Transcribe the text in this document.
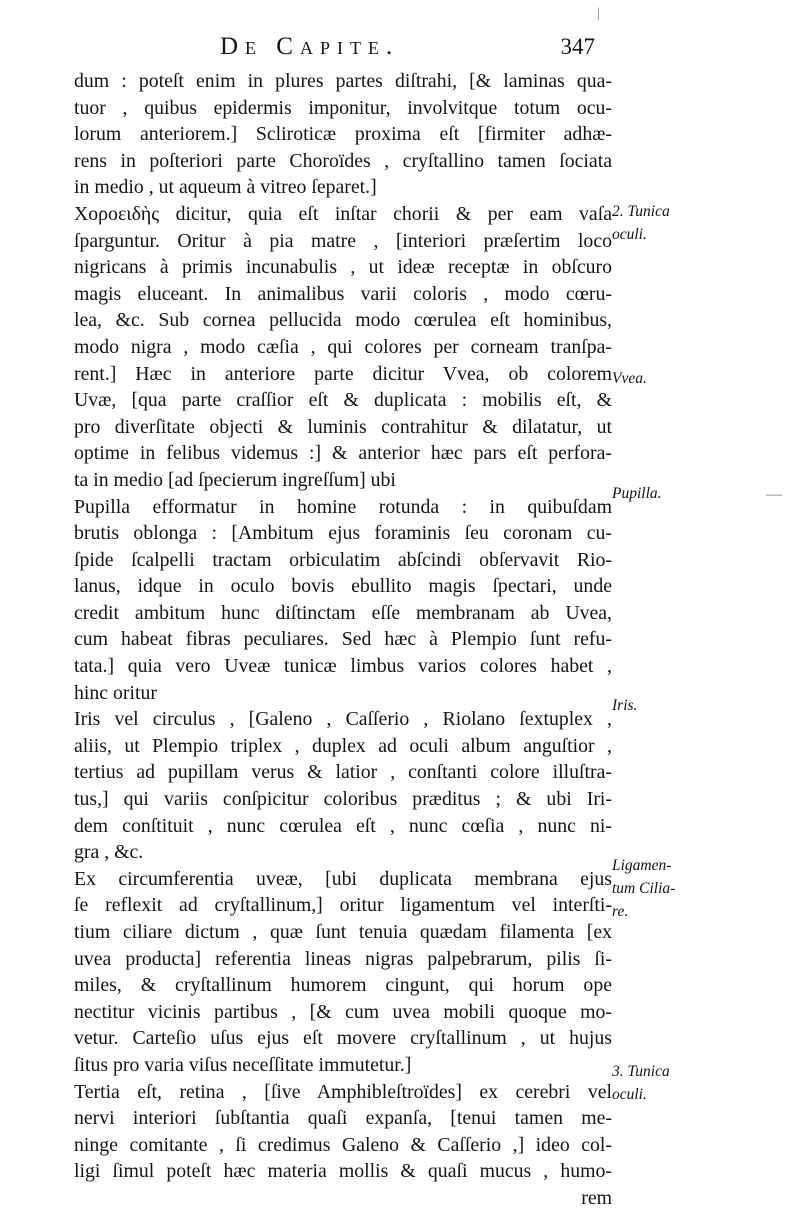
De Capite.	347
|
—
dum : poteſt enim in plures partes diſtrahi, [& laminas qua-
tuor , quibus epidermis imponitur, involvitque totum ocu-
lorum anteriorem.] Scliroticæ proxima eſt [firmiter adhæ-
rens in poſteriori parte Choroïdes , cryſtallino tamen ſociata
in medio , ut aqueum à vitreo ſeparet.]
Χοροειδὴς dicitur, quia eſt inſtar chorii & per eam vaſa
ſparguntur. Oritur à pia matre , [interiori præſertim loco
nigricans à primis incunabulis , ut ideæ receptæ in obſcuro
magis eluceant. In animalibus varii coloris , modo cœru-
lea, &c. Sub cornea pellucida modo cœrulea eſt hominibus,
modo nigra , modo cæſia , qui colores per corneam tranſpa-
rent.] Hæc in anteriore parte dicitur Vvea, ob colorem
Uvæ, [qua parte craſſior eſt & duplicata : mobilis eſt, &
pro diverſitate objecti & luminis contrahitur & dilatatur, ut
optime in felibus videmus :] & anterior hæc pars eſt perfora-
ta in medio [ad ſpecierum ingreſſum] ubi
Pupilla efformatur in homine rotunda : in quibuſdam
brutis oblonga : [Ambitum ejus foraminis ſeu coronam cu-
ſpide ſcalpelli tractam orbiculatim abſcindi obſervavit Rio-
lanus, idque in oculo bovis ebullito magis ſpectari, unde
credit ambitum hunc diſtinctam eſſe membranam ab Uvea,
cum habeat fibras peculiares. Sed hæc à Plempio ſunt refu-
tata.] quia vero Uveæ tunicæ limbus varios colores habet ,
hinc oritur
Iris vel circulus , [Galeno , Caſſerio , Riolano ſextuplex ,
aliis, ut Plempio triplex , duplex ad oculi album anguſtior ,
tertius ad pupillam verus & latior , conſtanti colore illuſtra-
tus,] qui variis conſpicitur coloribus præditus ; & ubi Iri-
dem conſtituit , nunc cœrulea eſt , nunc cœſia , nunc ni-
gra , &c.
Ex circumferentia uveæ, [ubi duplicata membrana ejus
ſe reflexit ad cryſtallinum,] oritur ligamentum vel interſti-
tium ciliare dictum , quæ ſunt tenuia quædam filamenta [ex
uvea producta] referentia lineas nigras palpebrarum, pilis ſi-
miles, & cryſtallinum humorem cingunt, qui horum ope
nectitur vicinis partibus , [& cum uvea mobili quoque mo-
vetur. Carteſio uſus ejus eſt movere cryſtallinum , ut hujus
ſitus pro varia viſus neceſſitate immutetur.]
Tertia eſt, retina , [ſive Amphibleſtroïdes] ex cerebri vel
nervi interiori ſubſtantia quaſi expanſa, [tenui tamen me-
ninge comitante , ſi credimus Galeno & Caſſerio ,] ideo col-
ligi ſimul poteſt hæc materia mollis & quaſi mucus , humo-
rem
2. Tunica
oculi.
Vvea.
Pupilla.
Iris.
Ligamen-
tum Cilia-
re.
3. Tunica
oculi.
